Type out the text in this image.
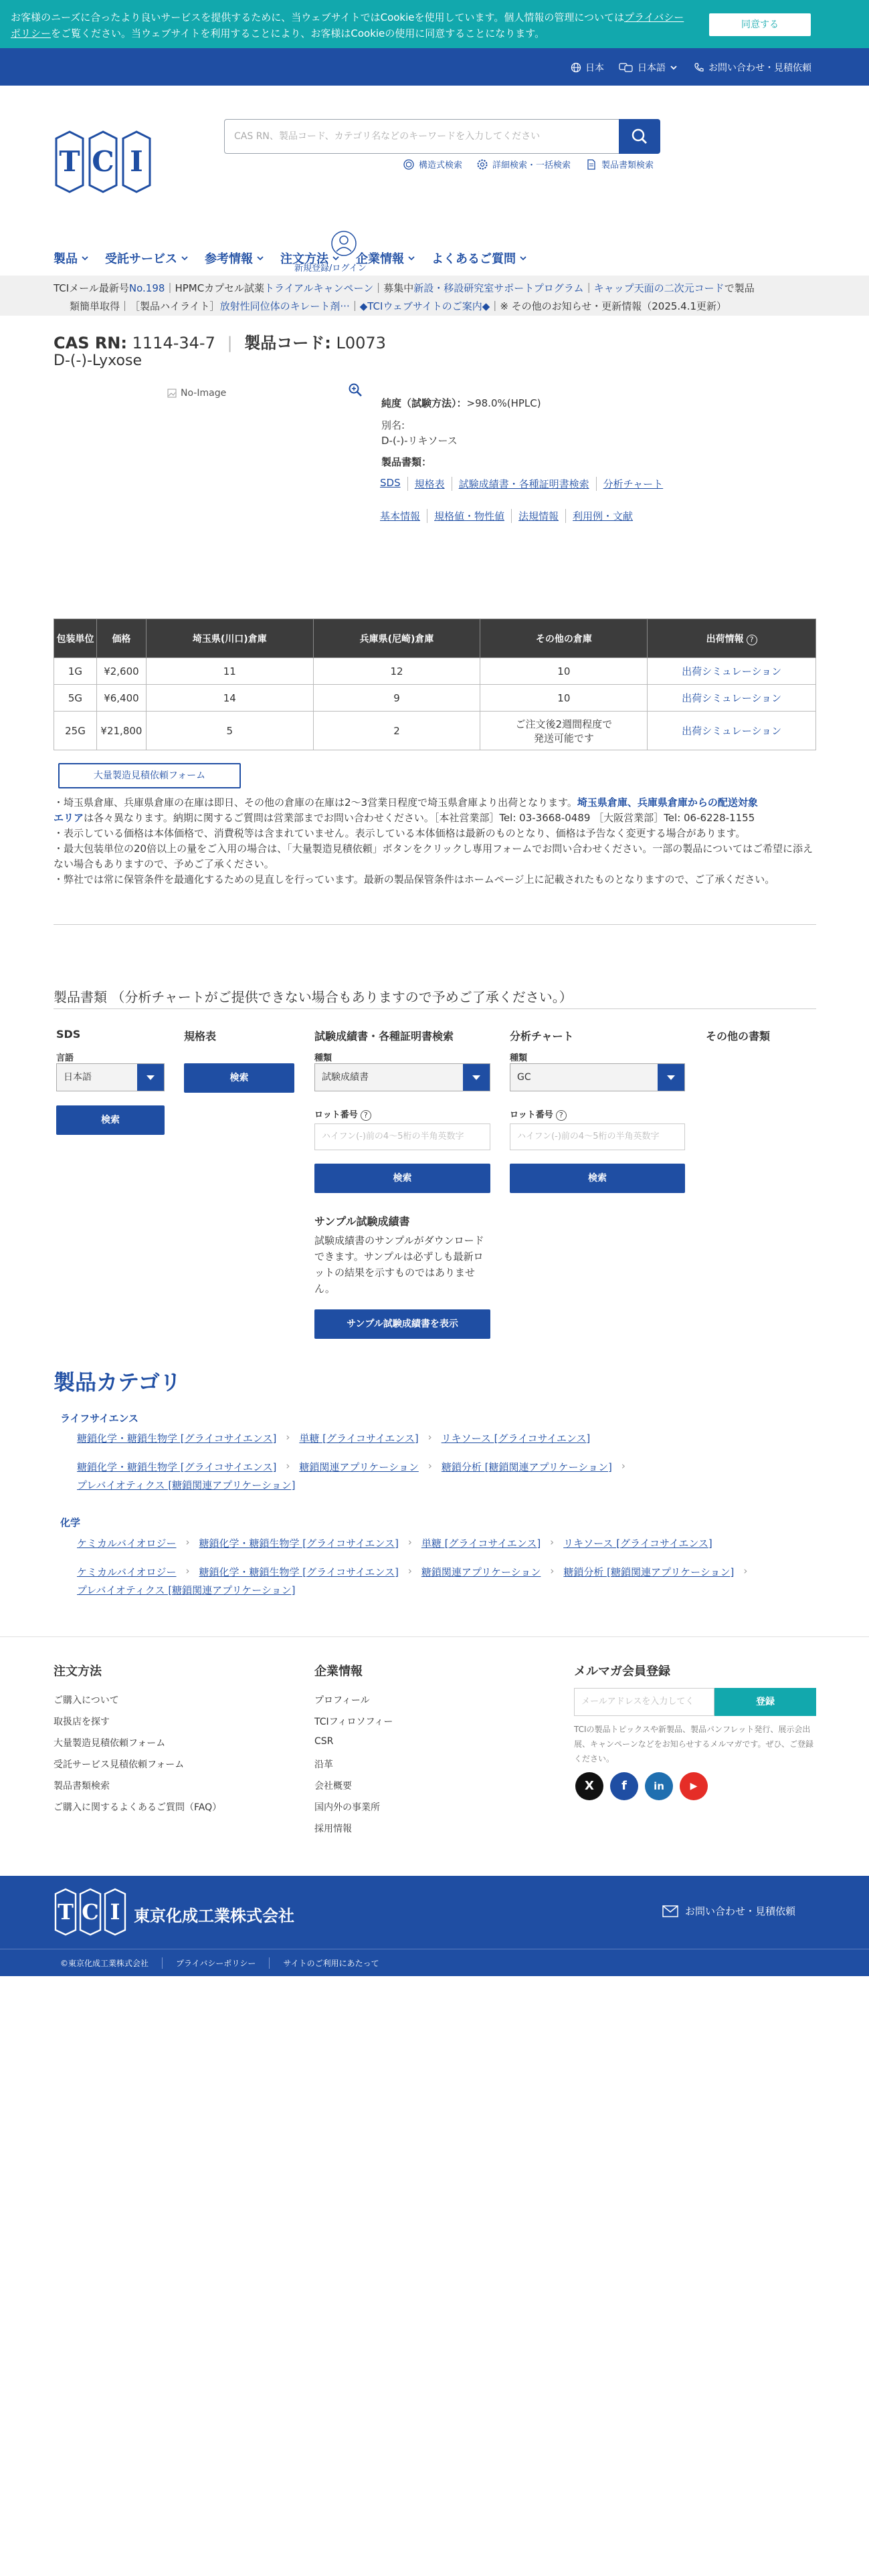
お客様のニーズに合ったより良いサービスを提供するために、当ウェブサイトではCookieを使用しています。個人情報の管理についてはプライバシーポリシーをご覧ください。当ウェブサイトを利用することにより、お客様はCookieの使用に同意することになります。
同意する
日本	日本語	お問い合わせ・見積依頼
T C I
CAS RN、製品コード、カテゴリ名などのキーワードを入力してください
構造式検索	詳細検索・一括検索	製品書類検索
製品 受託サービス 参考情報 注文方法 企業情報 よくあるご質問
新規登録/ログイン
TCIメール最新号No.198｜HPMCカプセル試薬トライアルキャンペーン｜募集中新設・移設研究室サポートプログラム｜キャップ天面の二次元コードで製品
類簡単取得｜［製品ハイライト］放射性同位体のキレート剤···｜◆TCIウェブサイトのご案内◆｜※ その他のお知らせ・更新情報（2025.4.1更新）
CAS RN: 1114-34-7 | 製品コード: L0073
D-(-)-Lyxose
No-Image
純度（試験方法）：>98.0%(HPLC)
別名:
D-(-)-リキソース
製品書類：
SDS	規格表	試験成績書・各種証明書検索	分析チャート
基本情報	規格値・物性値	法規情報	利用例・文献
包装単位	価格	埼玉県(川口)倉庫	兵庫県(尼崎)倉庫	その他の倉庫	出荷情報 ?
1G	¥2,600	11	12	10	出荷シミュレーション
5G	¥6,400	14	9	10	出荷シミュレーション
25G	¥21,800	5	2	ご注文後2週間程度で発送可能です	出荷シミュレーション
大量製造見積依頼フォーム
・埼玉県倉庫、兵庫県倉庫の在庫は即日、その他の倉庫の在庫は2～3営業日程度で埼玉県倉庫より出荷となります。埼玉県倉庫、兵庫県倉庫からの配送対象
エリアは各々異なります。納期に関するご質問は営業部までお問い合わせください。［本社営業部］Tel: 03-3668-0489 ［大阪営業部］Tel: 06-6228-1155
・表示している価格は本体価格で、消費税等は含まれていません。表示している本体価格は最新のものとなり、価格は予告なく変更する場合があります。
・最大包装単位の20倍以上の量をご入用の場合は、「大量製造見積依頼」ボタンをクリックし専用フォームでお問い合わせください。一部の製品についてはご希望に添えない場合もありますので、予めご了承ください。
・弊社では常に保管条件を最適化するための見直しを行っています。最新の製品保管条件はホームページ上に記載されたものとなりますので、ご了承ください。
製品書類 （分析チャートがご提供できない場合もありますので予めご了承ください。）
SDS
言語
日本語
検索
規格表
検索
試験成績書・各種証明書検索
種類
試験成績書
ロット番号 ?
ハイフン(-)前の4～5桁の半角英数字
検索
分析チャート
種類
GC
ロット番号 ?
ハイフン(-)前の4～5桁の半角英数字
検索
その他の書類
サンプル試験成績書
試験成績書のサンプルがダウンロードできます。サンプルは必ずしも最新ロットの結果を示すものではありません。
サンプル試験成績書を表示
製品カテゴリ
ライフサイエンス
糖鎖化学・糖鎖生物学 [グライコサイエンス] › 単糖 [グライコサイエンス] › リキソース [グライコサイエンス]
糖鎖化学・糖鎖生物学 [グライコサイエンス] › 糖鎖関連アプリケーション › 糖鎖分析 [糖鎖関連アプリケーション] ›
プレバイオティクス [糖鎖関連アプリケーション]
化学
ケミカルバイオロジー › 糖鎖化学・糖鎖生物学 [グライコサイエンス] › 単糖 [グライコサイエンス] › リキソース [グライコサイエンス]
ケミカルバイオロジー › 糖鎖化学・糖鎖生物学 [グライコサイエンス] › 糖鎖関連アプリケーション › 糖鎖分析 [糖鎖関連アプリケーション] ›
プレバイオティクス [糖鎖関連アプリケーション]
注文方法
ご購入について
取扱店を探す
大量製造見積依頼フォーム
受託サービス見積依頼フォーム
製品書類検索
ご購入に関するよくあるご質問（FAQ）
企業情報
プロフィール
TCIフィロソフィー
CSR
沿革
会社概要
国内外の事業所
採用情報
メルマガ会員登録
メールアドレスを入力してく	登録
TCIの製品トピックスや新製品、製品パンフレット発行、展示会出展、キャンペーンなどをお知らせするメルマガです。ぜひ、ご登録ください。
X	f	in	▶
T C I 東京化成工業株式会社	お問い合わせ・見積依頼
©東京化成工業株式会社	プライバシーポリシー	サイトのご利用にあたって
